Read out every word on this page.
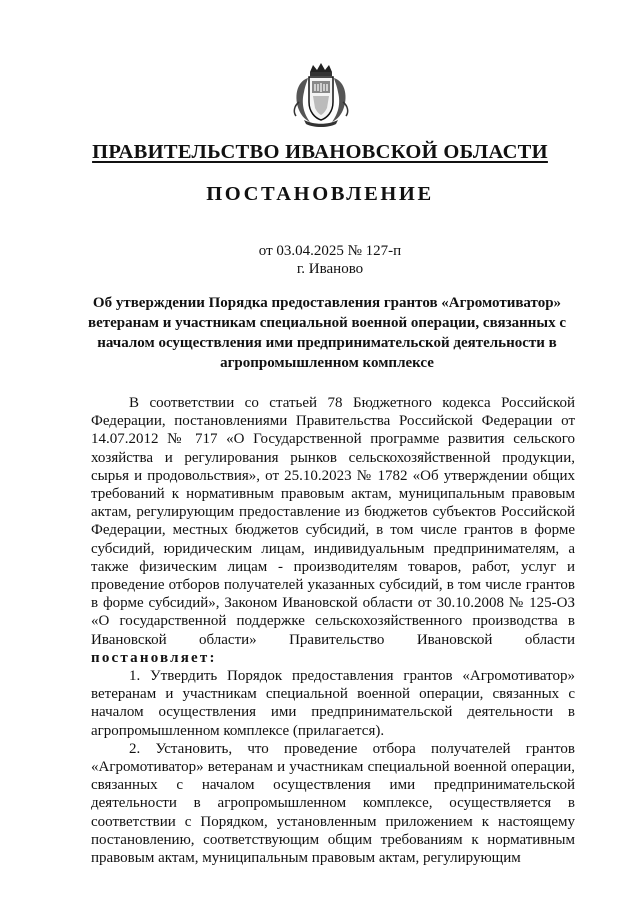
ПРАВИТЕЛЬСТВО ИВАНОВСКОЙ ОБЛАСТИ
ПОСТАНОВЛЕНИЕ
от 03.04.2025 № 127-п
г. Иваново
Об утверждении Порядка предоставления грантов «Агромотиватор» ветеранам и участникам специальной военной операции, связанных с началом осуществления ими предпринимательской деятельности в агропромышленном комплексе

В соответствии со статьей 78 Бюджетного кодекса Российской Федерации, постановлениями Правительства Российской Федерации от 14.07.2012 № 717 «О Государственной программе развития сельского хозяйства и регулирования рынков сельскохозяйственной продукции, сырья и продовольствия», от 25.10.2023 № 1782 «Об утверждении общих требований к нормативным правовым актам, муниципальным правовым актам, регулирующим предоставление из бюджетов субъектов Российской Федерации, местных бюджетов субсидий, в том числе грантов в форме субсидий, юридическим лицам, индивидуальным предпринимателям, а также физическим лицам - производителям товаров, работ, услуг и проведение отборов получателей указанных субсидий, в том числе грантов в форме субсидий», Законом Ивановской области от 30.10.2008 № 125-ОЗ «О государственной поддержке сельскохозяйственного производства в Ивановской области» Правительство Ивановской области постановляет:

1. Утвердить Порядок предоставления грантов «Агромотиватор» ветеранам и участникам специальной военной операции, связанных с началом осуществления ими предпринимательской деятельности в агропромышленном комплексе (прилагается).

2. Установить, что проведение отбора получателей грантов «Агромотиватор» ветеранам и участникам специальной военной операции, связанных с началом осуществления ими предпринимательской деятельности в агропромышленном комплексе, осуществляется в соответствии с Порядком, установленным приложением к настоящему постановлению, соответствующим общим требованиям к нормативным правовым актам, муниципальным правовым актам, регулирующим
